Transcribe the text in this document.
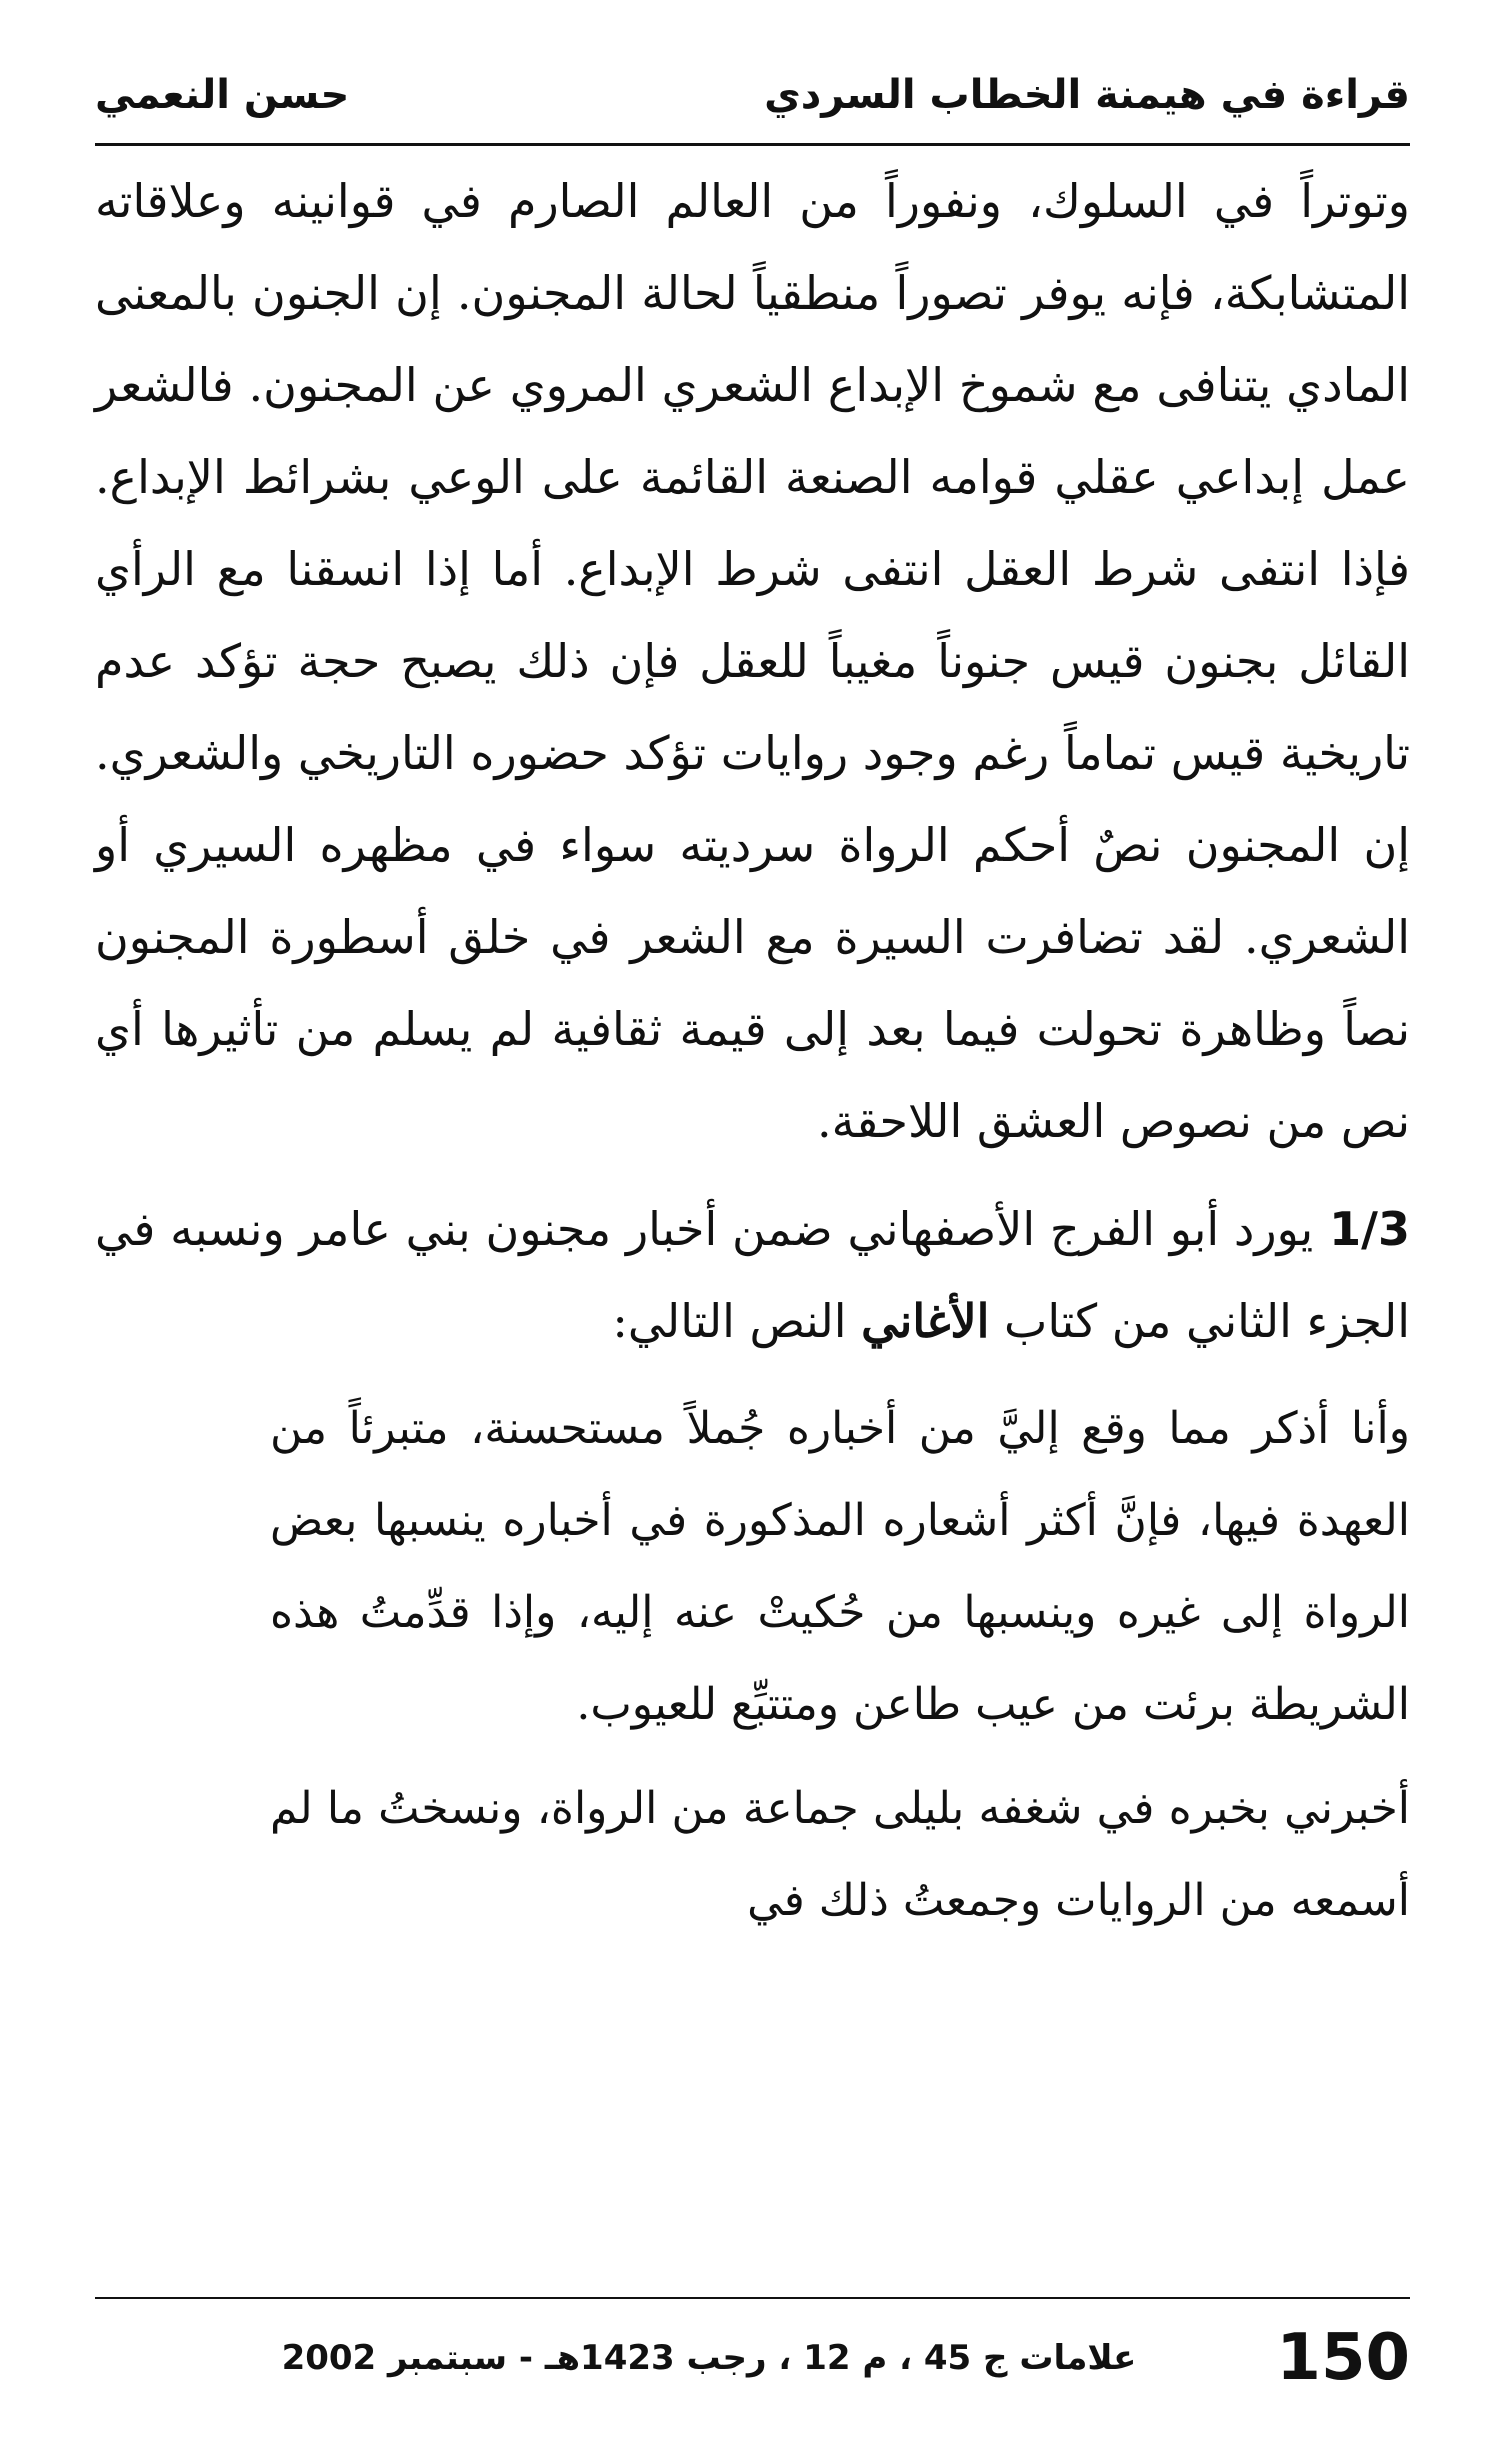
قراءة في هيمنة الخطاب السردي
حسن النعمي

وتوتراً في السلوك، ونفوراً من العالم الصارم في قوانينه وعلاقاته المتشابكة، فإنه يوفر تصوراً منطقياً لحالة المجنون. إن الجنون بالمعنى المادي يتنافى مع شموخ الإبداع الشعري المروي عن المجنون. فالشعر عمل إبداعي عقلي قوامه الصنعة القائمة على الوعي بشرائط الإبداع. فإذا انتفى شرط العقل انتفى شرط الإبداع. أما إذا انسقنا مع الرأي القائل بجنون قيس جنوناً مغيباً للعقل فإن ذلك يصبح حجة تؤكد عدم تاريخية قيس تماماً رغم وجود روايات تؤكد حضوره التاريخي والشعري. إن المجنون نصٌ أحكم الرواة سرديته سواء في مظهره السيري أو الشعري. لقد تضافرت السيرة مع الشعر في خلق أسطورة المجنون نصاً وظاهرة تحولت فيما بعد إلى قيمة ثقافية لم يسلم من تأثيرها أي نص من نصوص العشق اللاحقة.

1/3يورد أبو الفرج الأصفهاني ضمن أخبار مجنون بني عامر ونسبه في الجزء الثاني من كتاب الأغاني النص التالي:

وأنا أذكر مما وقع إليَّ من أخباره جُملاً مستحسنة، متبرئاً من العهدة فيها، فإنَّ أكثر أشعاره المذكورة في أخباره ينسبها بعض الرواة إلى غيره وينسبها من حُكيتْ عنه إليه، وإذا قدِّمتُ هذه الشريطة برئت من عيب طاعن ومتتبِّع للعيوب.

أخبرني بخبره في شغفه بليلى جماعة من الرواة، ونسختُ ما لم أسمعه من الروايات وجمعتُ ذلك في

150
علامات ج 45 ، م 12 ، رجب 1423هـ - سبتمبر 2002
